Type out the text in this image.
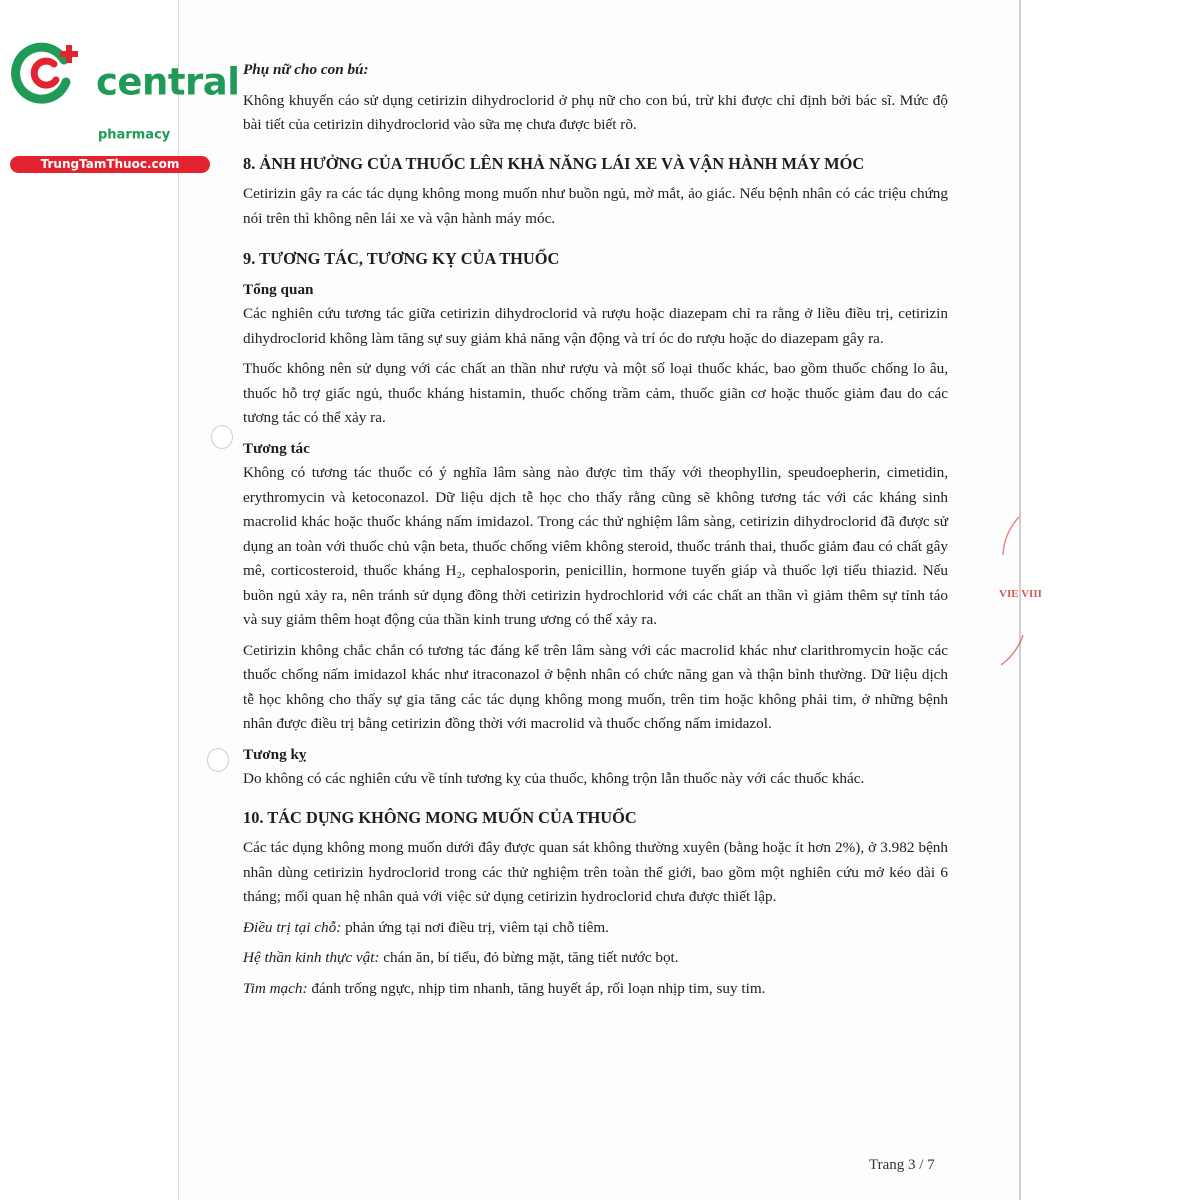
central
pharmacy
TrungTamThuoc.com
VIE VIII

Phụ nữ cho con bú:

Không khuyến cáo sử dụng cetirizin dihydroclorid ở phụ nữ cho con bú, trừ khi được chỉ định bởi bác sĩ. Mức độ bài tiết của cetirizin dihydroclorid vào sữa mẹ chưa được biết rõ.

8. ẢNH HƯỞNG CỦA THUỐC LÊN KHẢ NĂNG LÁI XE VÀ VẬN HÀNH MÁY MÓC

Cetirizin gây ra các tác dụng không mong muốn như buồn ngủ, mờ mắt, ảo giác. Nếu bệnh nhân có các triệu chứng nói trên thì không nên lái xe và vận hành máy móc.

9. TƯƠNG TÁC, TƯƠNG KỴ CỦA THUỐC

Tổng quan

Các nghiên cứu tương tác giữa cetirizin dihydroclorid và rượu hoặc diazepam chỉ ra rằng ở liều điều trị, cetirizin dihydroclorid không làm tăng sự suy giảm khả năng vận động và trí óc do rượu hoặc do diazepam gây ra.

Thuốc không nên sử dụng với các chất an thần như rượu và một số loại thuốc khác, bao gồm thuốc chống lo âu, thuốc hỗ trợ giấc ngủ, thuốc kháng histamin, thuốc chống trầm cảm, thuốc giãn cơ hoặc thuốc giảm đau do các tương tác có thể xảy ra.

Tương tác

Không có tương tác thuốc có ý nghĩa lâm sàng nào được tìm thấy với theophyllin, speudoepherin, cimetidin, erythromycin và ketoconazol. Dữ liệu dịch tễ học cho thấy rằng cũng sẽ không tương tác với các kháng sinh macrolid khác hoặc thuốc kháng nấm imidazol. Trong các thử nghiệm lâm sàng, cetirizin dihydroclorid đã được sử dụng an toàn với thuốc chủ vận beta, thuốc chống viêm không steroid, thuốc tránh thai, thuốc giảm đau có chất gây mê, corticosteroid, thuốc kháng H₂, cephalosporin, penicillin, hormone tuyến giáp và thuốc lợi tiểu thiazid. Nếu buồn ngủ xảy ra, nên tránh sử dụng đồng thời cetirizin hydrochlorid với các chất an thần vì giảm thêm sự tỉnh táo và suy giảm thêm hoạt động của thần kinh trung ương có thể xảy ra.

Cetirizin không chắc chắn có tương tác đáng kể trên lâm sàng với các macrolid khác như clarithromycin hoặc các thuốc chống nấm imidazol khác như itraconazol ở bệnh nhân có chức năng gan và thận bình thường. Dữ liệu dịch tễ học không cho thấy sự gia tăng các tác dụng không mong muốn, trên tim hoặc không phải tim, ở những bệnh nhân được điều trị bằng cetirizin đồng thời với macrolid và thuốc chống nấm imidazol.

Tương kỵ

Do không có các nghiên cứu về tính tương kỵ của thuốc, không trộn lẫn thuốc này với các thuốc khác.

10. TÁC DỤNG KHÔNG MONG MUỐN CỦA THUỐC

Các tác dụng không mong muốn dưới đây được quan sát không thường xuyên (bằng hoặc ít hơn 2%), ở 3.982 bệnh nhân dùng cetirizin hydroclorid trong các thử nghiệm trên toàn thế giới, bao gồm một nghiên cứu mở kéo dài 6 tháng; mối quan hệ nhân quả với việc sử dụng cetirizin hydroclorid chưa được thiết lập.

Điều trị tại chỗ: phản ứng tại nơi điều trị, viêm tại chỗ tiêm.

Hệ thần kinh thực vật: chán ăn, bí tiểu, đỏ bừng mặt, tăng tiết nước bọt.

Tim mạch: đánh trống ngực, nhịp tim nhanh, tăng huyết áp, rối loạn nhịp tim, suy tim.

Trang 3 / 7
